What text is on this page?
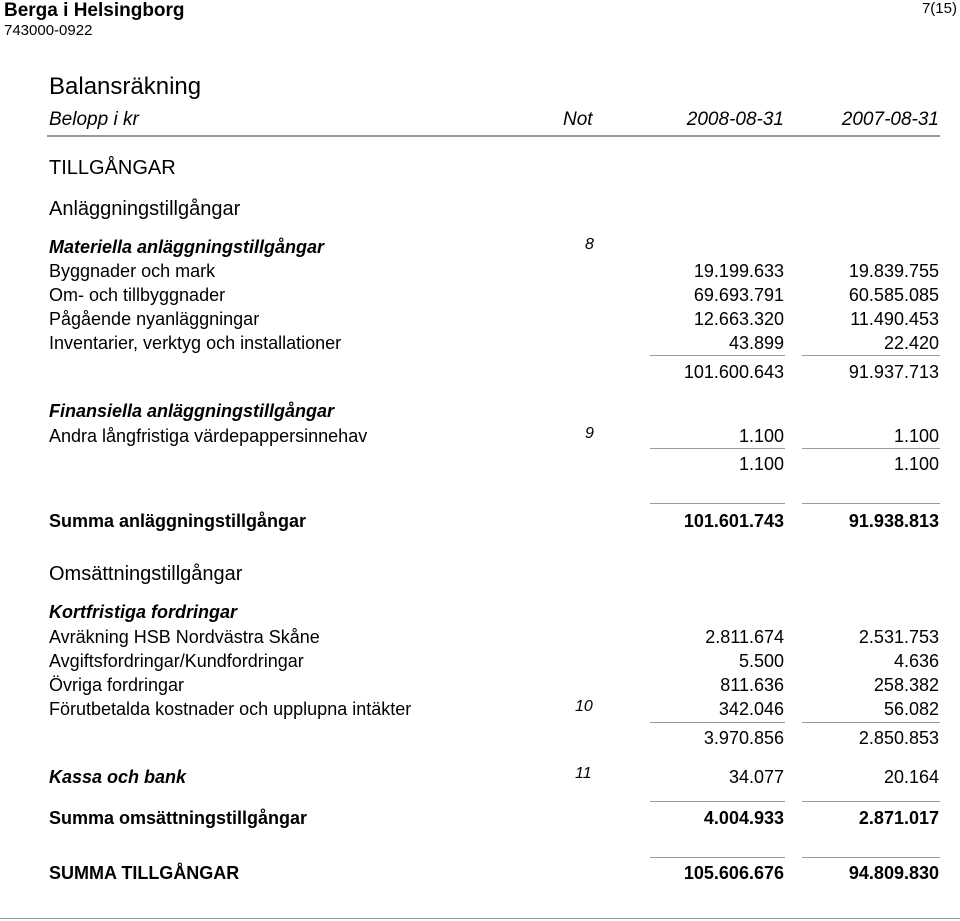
Berga i Helsingborg
743000-0922
7(15)
Balansräkning
Belopp i kr	Not	2008-08-31	2007-08-31
TILLGÅNGAR
Anläggningstillgångar
Materiella anläggningstillgångar	8
Byggnader och mark	19.199.633	19.839.755
Om- och tillbyggnader	69.693.791	60.585.085
Pågående nyanläggningar	12.663.320	11.490.453
Inventarier, verktyg och installationer	43.899	22.420
101.600.643	91.937.713
Finansiella anläggningstillgångar
Andra långfristiga värdepappersinnehav	9	1.100	1.100
1.100	1.100
Summa anläggningstillgångar	101.601.743	91.938.813
Omsättningstillgångar
Kortfristiga fordringar
Avräkning HSB Nordvästra Skåne	2.811.674	2.531.753
Avgiftsfordringar/Kundfordringar	5.500	4.636
Övriga fordringar	811.636	258.382
Förutbetalda kostnader och upplupna intäkter	10	342.046	56.082
3.970.856	2.850.853
Kassa och bank	11	34.077	20.164
Summa omsättningstillgångar	4.004.933	2.871.017
SUMMA TILLGÅNGAR	105.606.676	94.809.830
